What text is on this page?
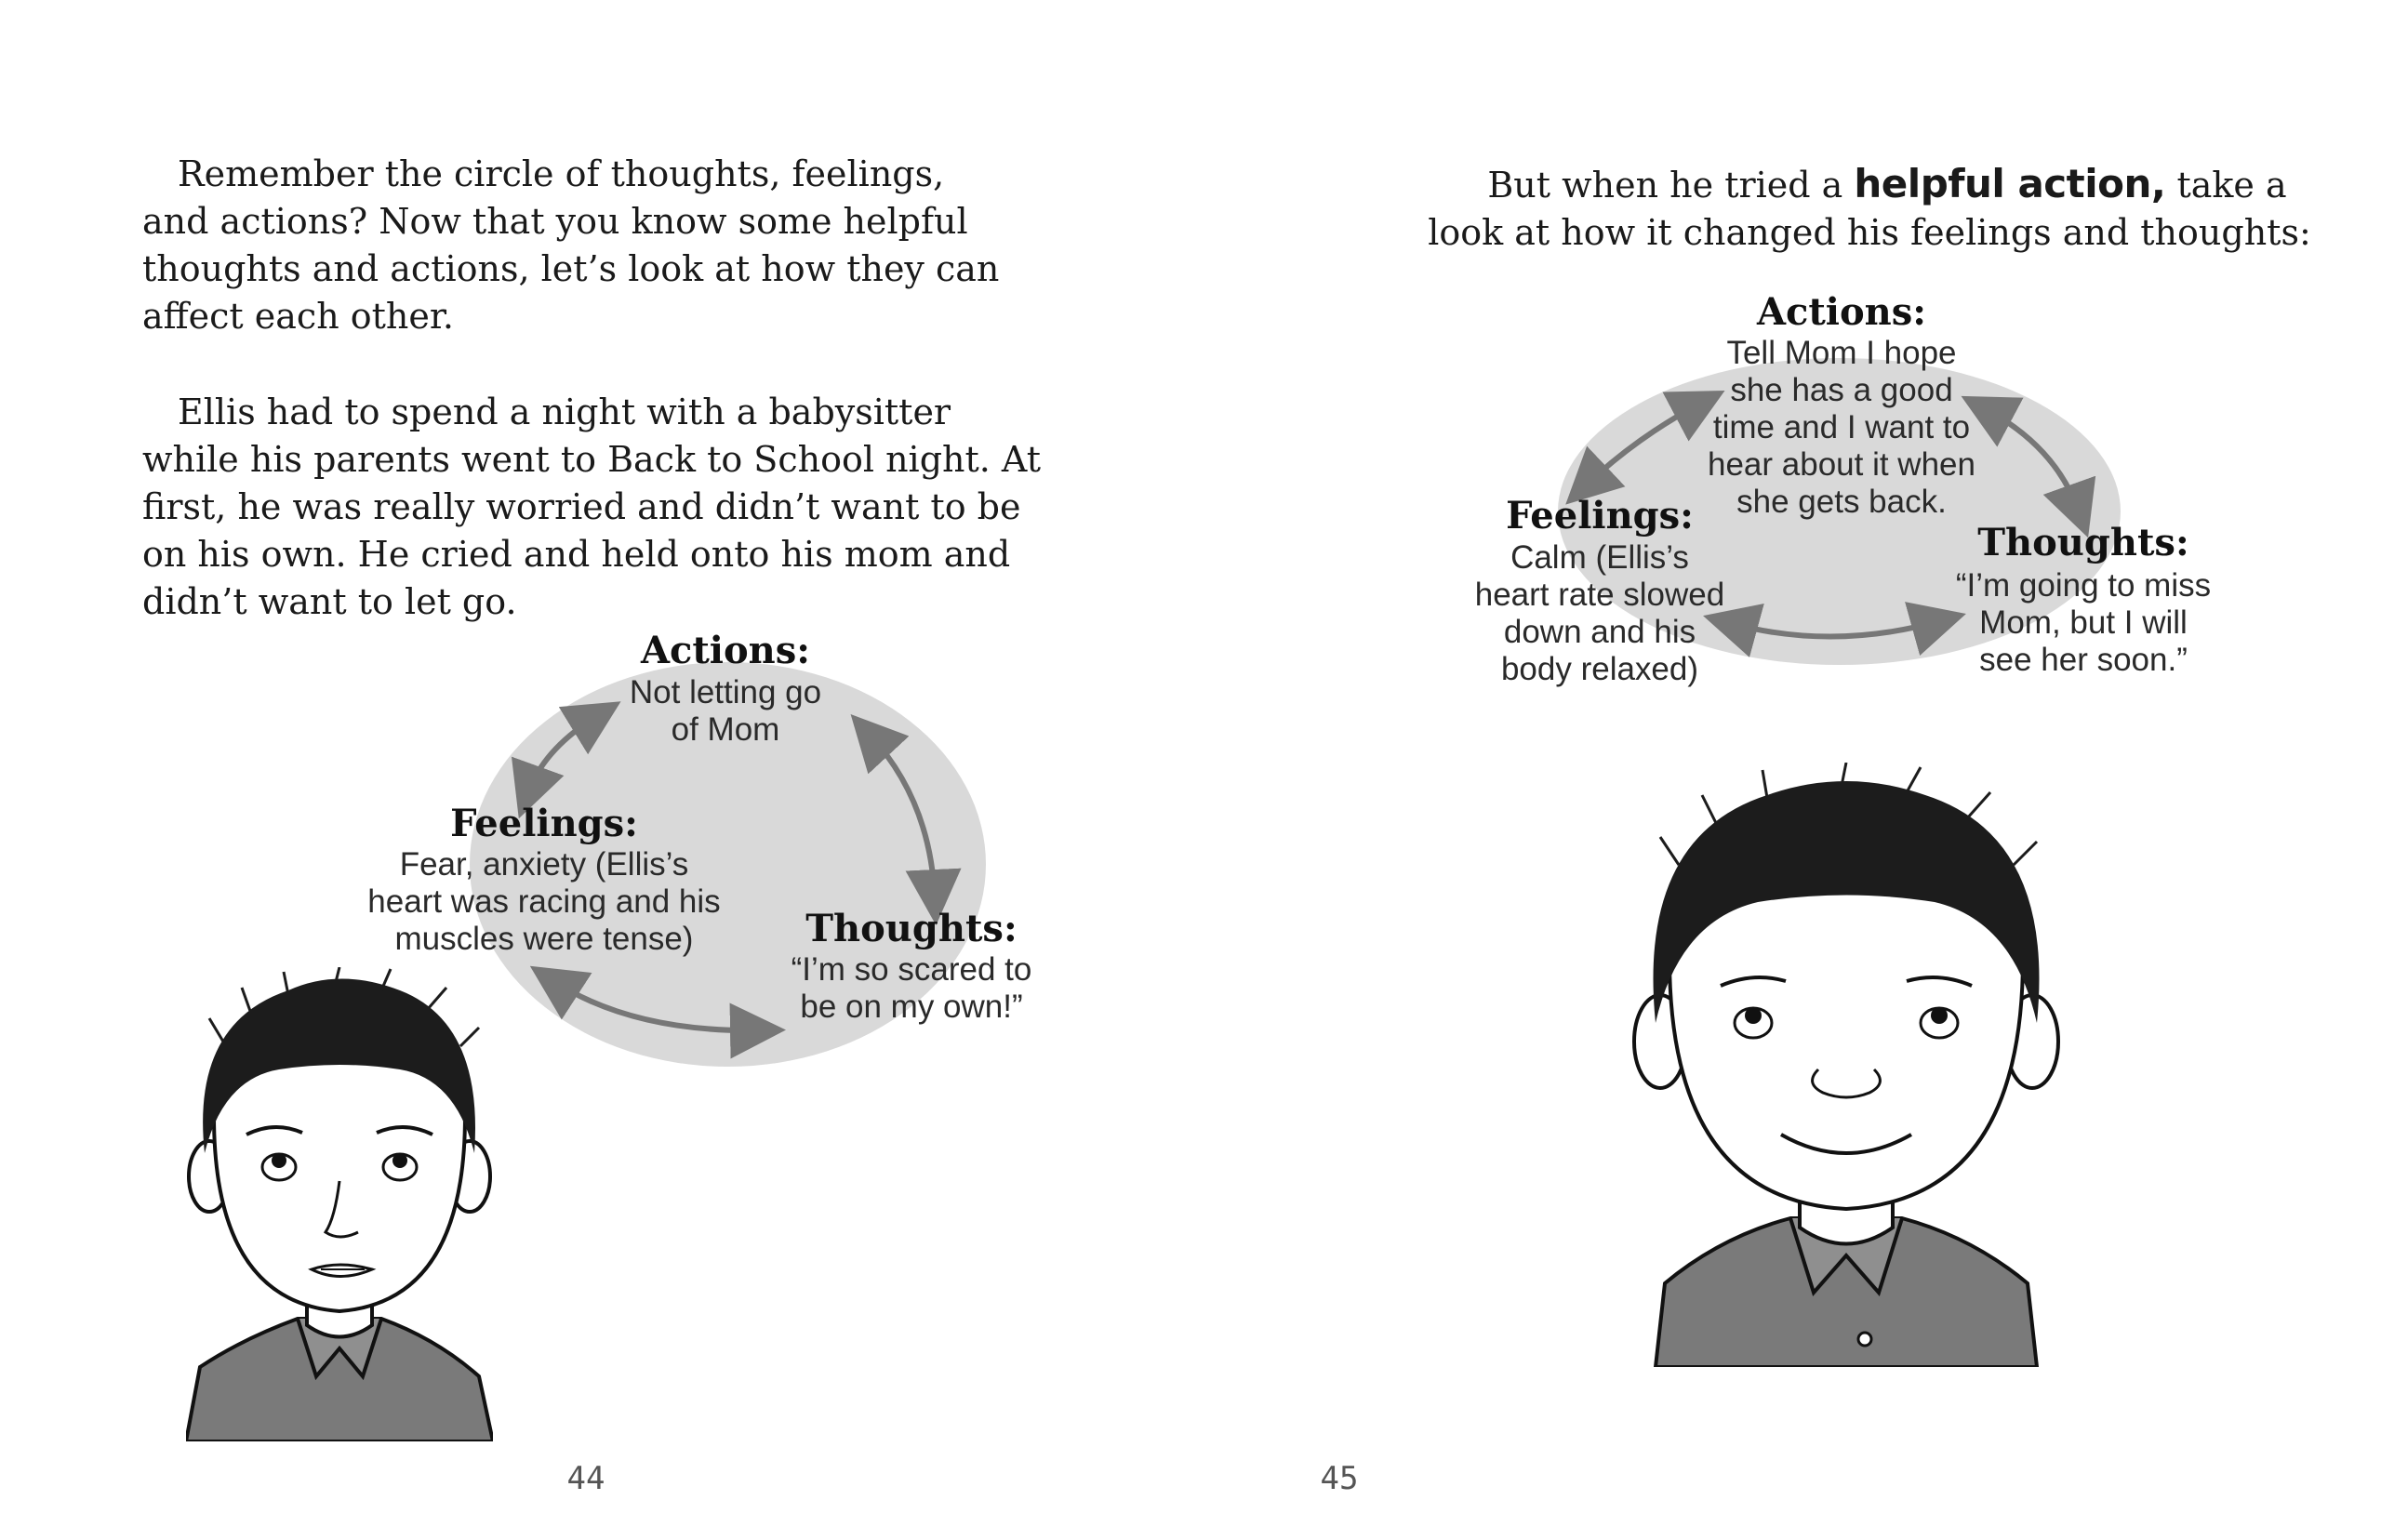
 Remember the circle of thoughts, feelings,
and actions? Now that you know some helpful
thoughts and actions, let’s look at how they can
affect each other.

 Ellis had to spend a night with a babysitter
while his parents went to Back to School night. At
first, he was really worried and didn’t want to be
on his own. He cried and held onto his mom and
didn’t want to let go.

Actions:
Not letting go
of Mom
Feelings:
Fear, anxiety (Ellis’s
heart was racing and his
muscles were tense)	Thoughts:
“I’m so scared to
be on my own!”
44

 But when he tried a helpful action, take a
look at how it changed his feelings and thoughts:

Actions:
Tell Mom I hope
she has a good
time and I want to
hear about it when
she gets back.
Feelings:
Calm (Ellis’s
heart rate slowed
down and his
body relaxed)
Thoughts:
“I’m going to miss
Mom, but I will
see her soon.”
45
